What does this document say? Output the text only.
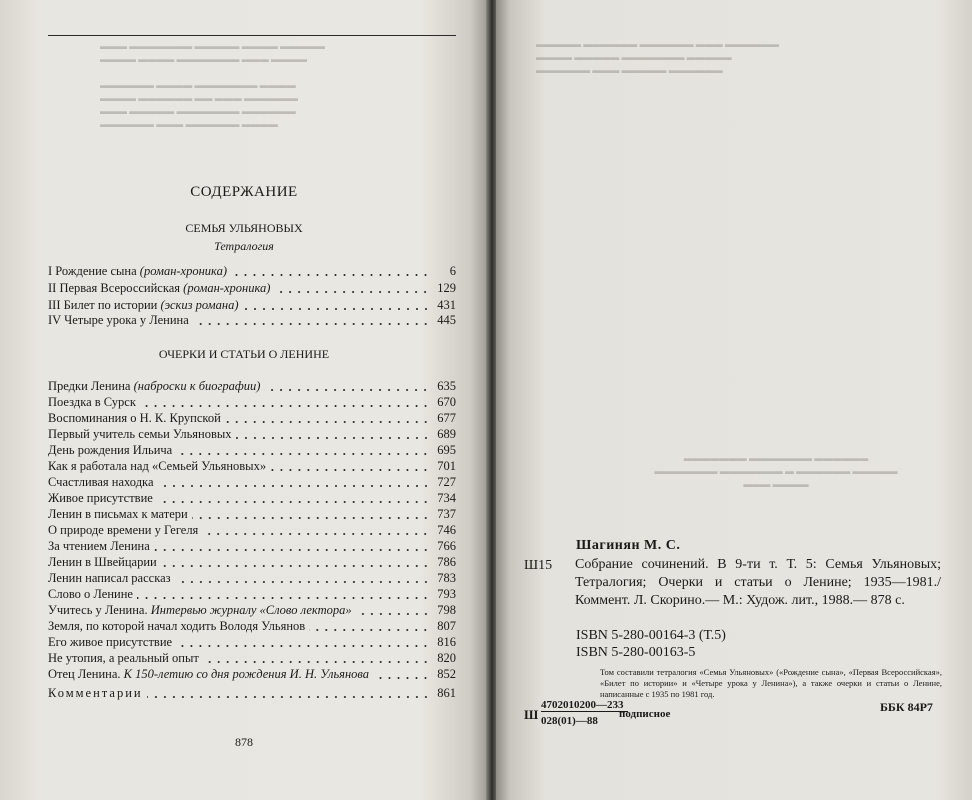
▬▬▬ ▬▬▬▬▬▬▬ ▬▬▬▬▬ ▬▬▬▬ ▬▬▬▬▬
▬▬▬▬ ▬▬▬▬ ▬▬▬▬▬▬▬ ▬▬▬ ▬▬▬▬

▬▬▬▬▬▬ ▬▬▬▬ ▬▬▬▬▬▬▬ ▬▬▬▬
▬▬▬▬ ▬▬▬▬▬▬ ▬▬ ▬▬▬ ▬▬▬▬▬▬
▬▬▬ ▬▬▬▬▬ ▬▬▬▬▬▬▬ ▬▬▬▬▬▬
▬▬▬▬▬▬ ▬▬▬ ▬▬▬▬▬▬ ▬▬▬▬
СОДЕРЖАНИЕ
СЕМЬЯ УЛЬЯНОВЫХ
Тетралогия
I Рождение сына (роман-хроника)	6
II Первая Всероссийская (роман-хроника)	129
III Билет по истории (эскиз романа)	431
IV Четыре урока у Ленина	445
ОЧЕРКИ И СТАТЬИ О ЛЕНИНЕ
Предки Ленина (наброски к биографии)	635
Поездка в Сурск	670
Воспоминания о Н. К. Крупской	677
Первый учитель семьи Ульяновых	689
День рождения Ильича	695
Как я работала над «Семьей Ульяновых»	701
Счастливая находка	727
Живое присутствие	734
Ленин в письмах к матери	737
О природе времени у Гегеля	746
За чтением Ленина	766
Ленин в Швейцарии	786
Ленин написал рассказ	783
Слово о Ленине	793
Учитесь у Ленина. Интервью журналу «Слово лектора»	798
Земля, по которой начал ходить Володя Ульянов	807
Его живое присутствие	816
Не утопия, а реальный опыт	820
Отец Ленина. К 150-летию со дня рождения И. Н. Ульянова	852
Комментарии	861
878
▬▬▬▬▬ ▬▬▬▬▬▬ ▬▬▬▬▬▬ ▬▬▬ ▬▬▬▬▬▬
▬▬▬▬ ▬▬▬▬▬ ▬▬▬▬▬▬▬ ▬▬▬▬▬
▬▬▬▬▬▬ ▬▬▬ ▬▬▬▬▬ ▬▬▬▬▬▬
▬▬▬▬▬▬▬ ▬▬▬▬▬▬▬ ▬▬▬▬▬▬
▬▬▬▬▬▬▬ ▬▬▬▬▬▬▬ ▬ ▬▬▬▬▬▬ ▬▬▬▬▬
▬▬▬ ▬▬▬▬
Шагинян М. С.
Ш15 Собрание сочинений. В 9-ти т. Т. 5: Семья Ульяновых; Тетралогия; Очерки и статьи о Ленине; 1935—1981./Коммент. Л. Скорино.— М.: Худож. лит., 1988.— 878 с.
ISBN 5-280-00164-3 (Т.5)
ISBN 5-280-00163-5
Том составили тетралогия «Семья Ульяновых» («Рождение сына», «Первая Всероссийская», «Билет по истории» и «Четыре урока у Ленина»), а также очерки и статьи о Ленине, написанные с 1935 по 1981 год.
Ш
4702010200—233
028(01)—88
подписное	ББК 84Р7
